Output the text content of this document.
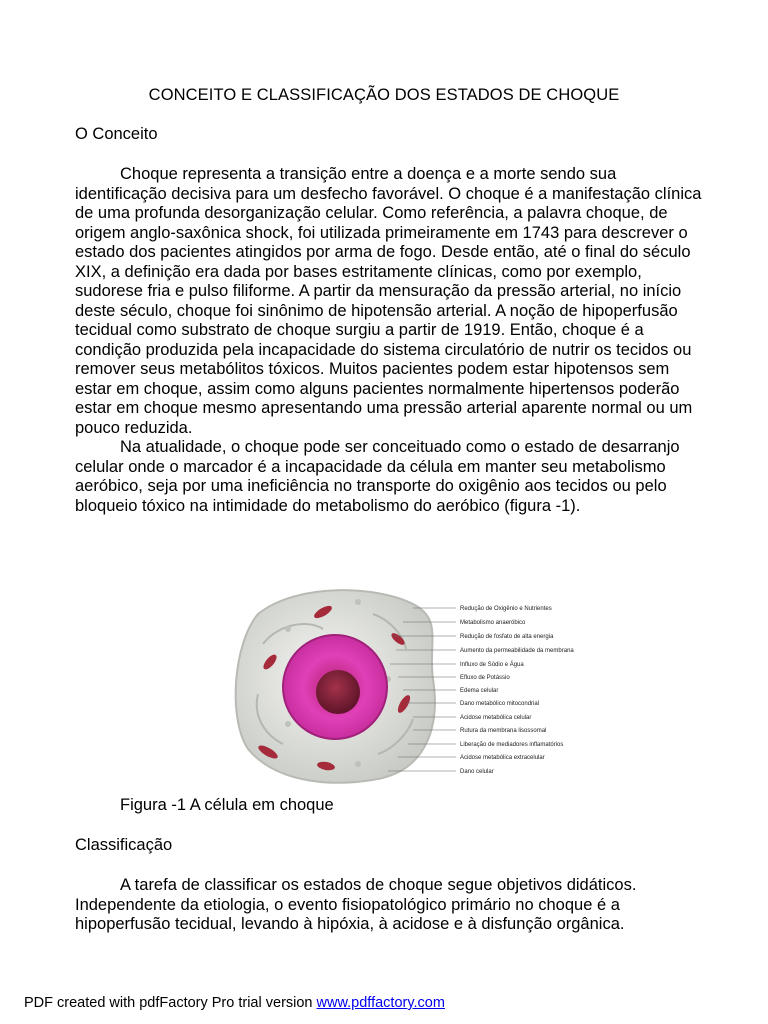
CONCEITO E CLASSIFICAÇÃO DOS ESTADOS DE CHOQUE
O Conceito

Choque representa a transição entre a doença e a morte sendo sua identificação decisiva para um desfecho favorável. O choque é a manifestação clínica de uma profunda desorganização celular. Como referência, a palavra choque, de origem anglo-saxônica shock, foi utilizada primeiramente em 1743 para descrever o estado dos pacientes atingidos por arma de fogo. Desde então, até o final do século XIX, a definição era dada por bases estritamente clínicas, como por exemplo, sudorese fria e pulso filiforme. A partir da mensuração da pressão arterial, no início deste século, choque foi sinônimo de hipotensão arterial. A noção de hipoperfusão tecidual como substrato de choque surgiu a partir de 1919. Então, choque é a condição produzida pela incapacidade do sistema circulatório de nutrir os tecidos ou remover seus metabólitos tóxicos. Muitos pacientes podem estar hipotensos sem estar em choque, assim como alguns pacientes normalmente hipertensos poderão estar em choque mesmo apresentando uma pressão arterial aparente normal ou um pouco reduzida.

Na atualidade, o choque pode ser conceituado como o estado de desarranjo celular onde o marcador é a incapacidade da célula em manter seu metabolismo aeróbico, seja por uma ineficiência no transporte do oxigênio aos tecidos ou pelo bloqueio tóxico na intimidade do metabolismo do aeróbico (figura -1).

Redução de Oxigênio e Nutrientes
Metabolismo anaeróbico
Redução de fosfato de alta energia
Aumento da permeabilidade da membrana
Influxo de Sódio e Água
Efluxo de Potássio
Edema celular
Dano metabólico mitocondrial
Acidose metabólica celular
Rutura da membrana lisossomal
Liberação de mediadores inflamatórios
Acidose metabólica extracelular
Dano celular
Figura -1 A célula em choque
Classificação

A tarefa de classificar os estados de choque segue objetivos didáticos. Independente da etiologia, o evento fisiopatológico primário no choque é a hipoperfusão tecidual, levando à hipóxia, à acidose e à disfunção orgânica.

PDF created with pdfFactory Pro trial version www.pdffactory.com
